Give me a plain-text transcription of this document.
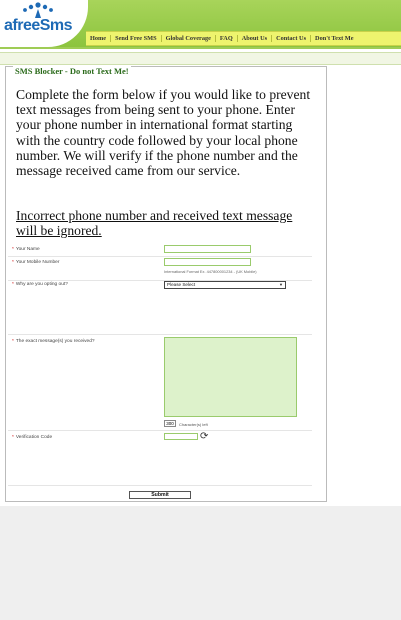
afreeSms
Home	Send Free SMS	Global Coverage	FAQ	About Us	Contact Us	Don't Text Me
SMS Blocker - Do not Text Me!
Complete the form below if you would like to prevent text messages from being sent to your phone. Enter your phone number in international format starting with the country code followed by your local phone number. We will verify if the phone number and the message received came from our service.
Incorrect phone number and received text message will be ignored.
* Your Name
* Your Mobile Number
International Format Ex. 447800001234 - (UK Mobile)
* Why are you opting out?	Please Select	▼
* The exact message(s) you received?
300	Character(s) left
* Verification Code	⟳
Submit
